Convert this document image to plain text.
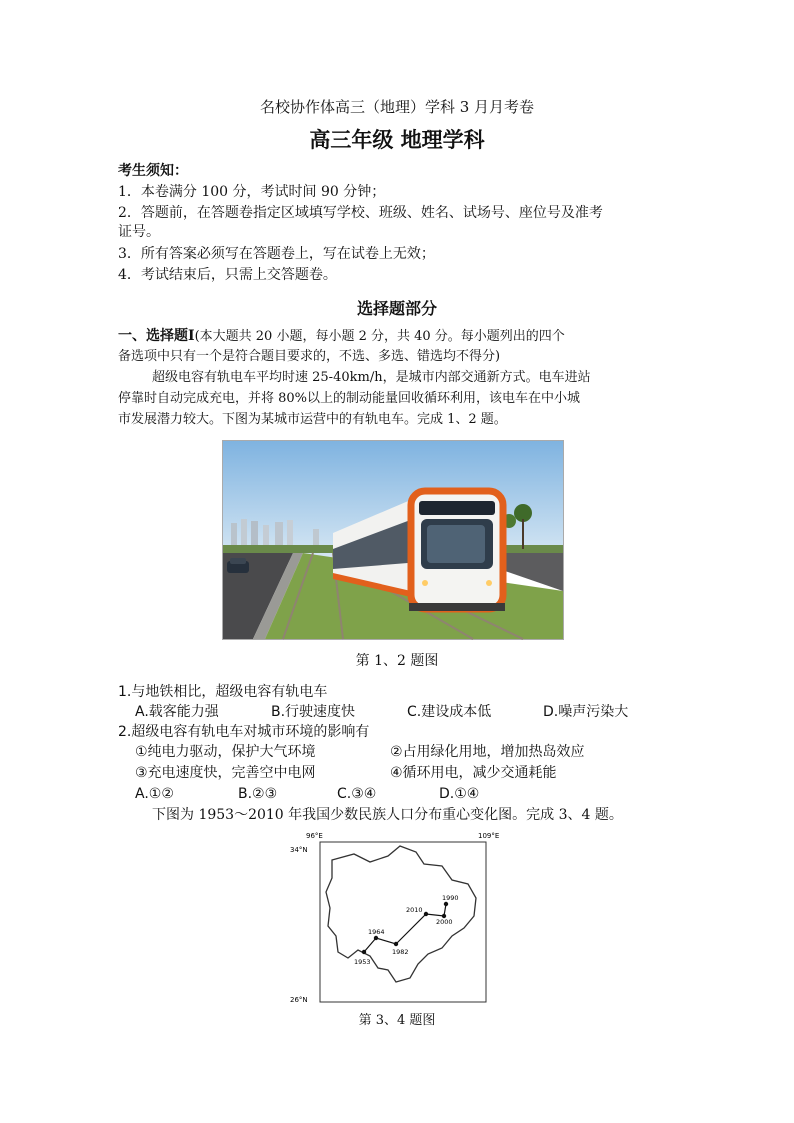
名校协作体高三（地理）学科 3 月月考卷
高三年级 地理学科
考生须知：
1．本卷满分 100 分，考试时间 90 分钟；
2．答题前，在答题卷指定区域填写学校、班级、姓名、试场号、座位号及准考
证号。
3．所有答案必须写在答题卷上，写在试卷上无效；
4．考试结束后，只需上交答题卷。
选择题部分
一、选择题Ⅰ(本大题共 20 小题，每小题 2 分，共 40 分。每小题列出的四个
备选项中只有一个是符合题目要求的，不选、多选、错选均不得分)
超级电容有轨电车平均时速 25-40km/h，是城市内部交通新方式。电车进站
停靠时自动完成充电，并将 80%以上的制动能量回收循环利用，该电车在中小城
市发展潜力较大。下图为某城市运营中的有轨电车。完成 1、2 题。
第 1、2 题图
1.与地铁相比，超级电容有轨电车
A.载客能力强	B.行驶速度快	C.建设成本低	D.噪声污染大
2.超级电容有轨电车对城市环境的影响有
①纯电力驱动，保护大气环境	②占用绿化用地，增加热岛效应
③充电速度快，完善空中电网	④循环用电，减少交通耗能
A.①②	B.②③	C.③④	D.①④
下图为 1953～2010 年我国少数民族人口分布重心变化图。完成 3、4 题。
96°E	109°E
34°N
26°N
1953
1964
1982
2010
2000
1990
第 3、4 题图
